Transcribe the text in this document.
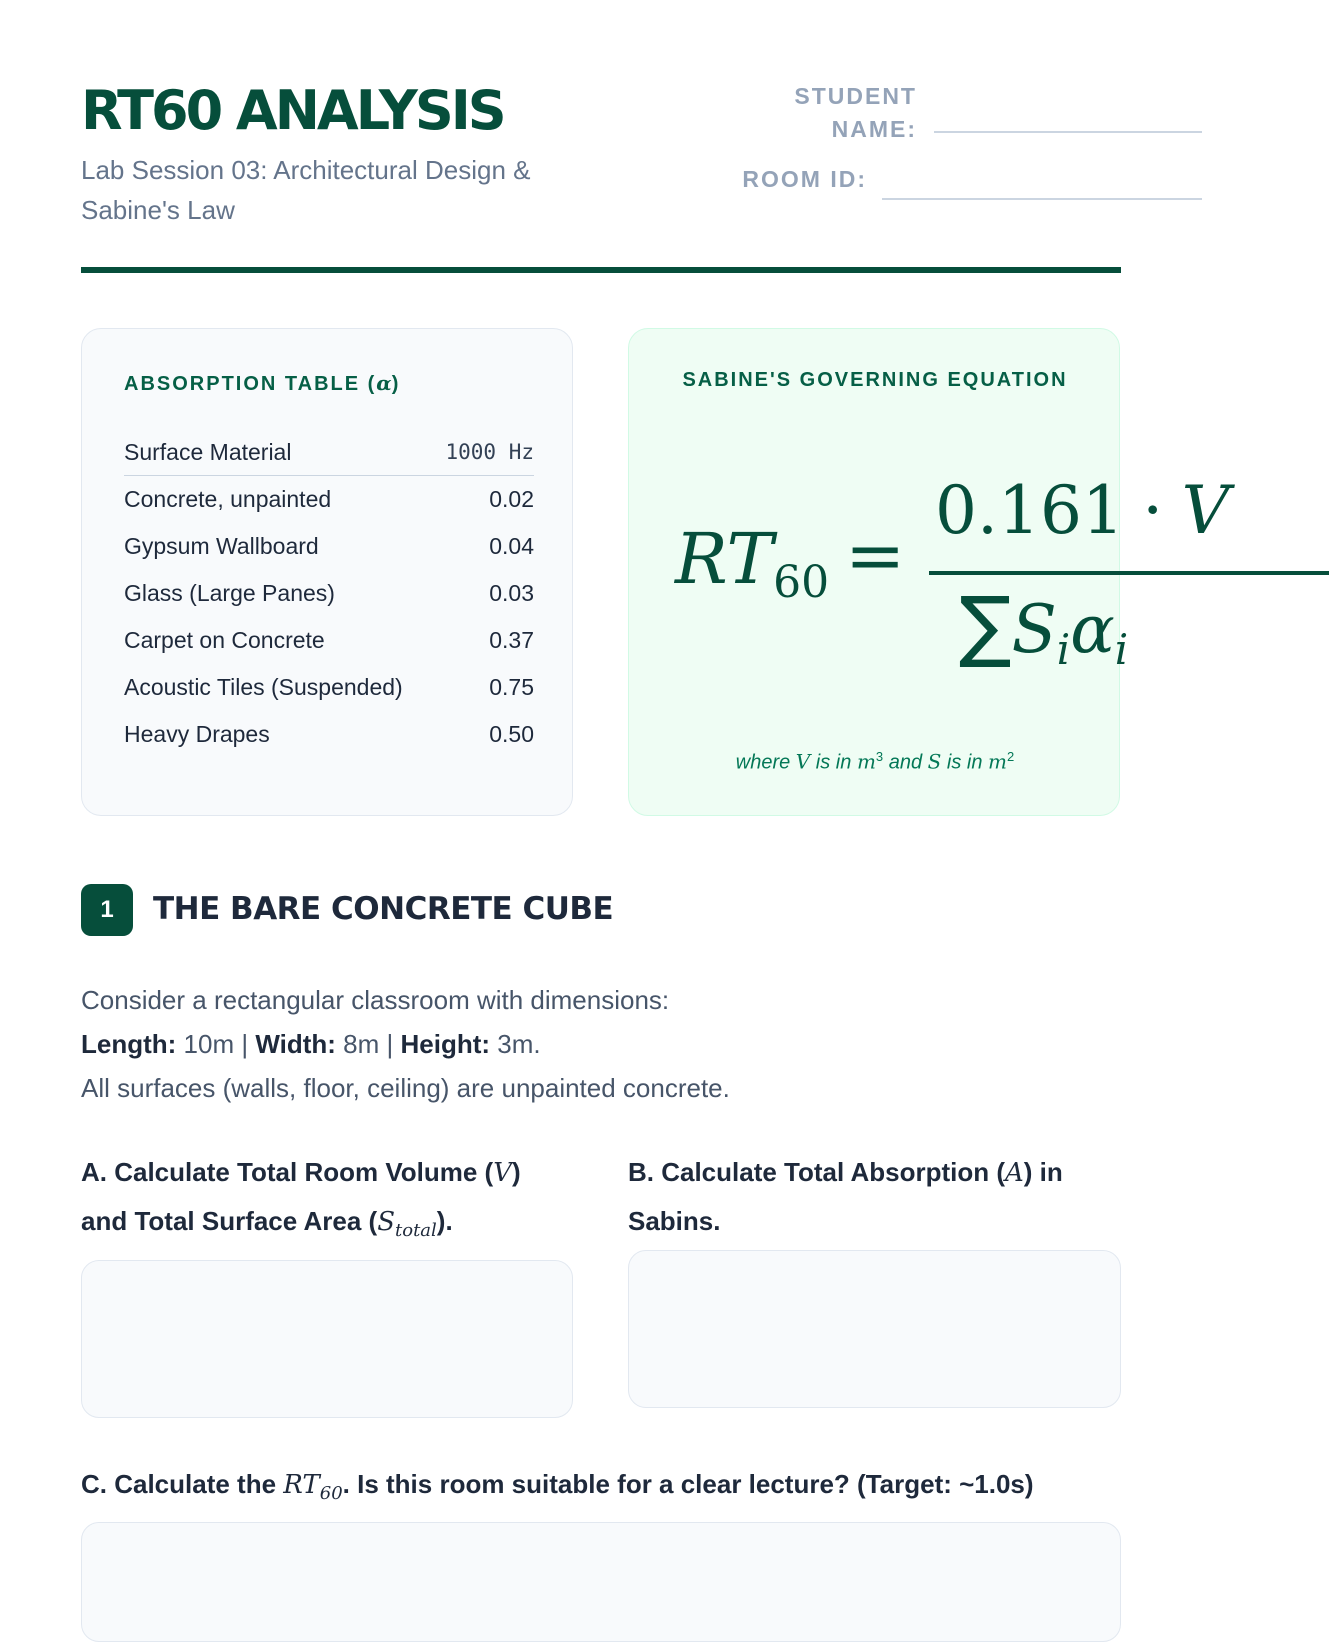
RT60 ANALYSIS
Lab Session 03: Architectural Design & Sabine's Law
STUDENT
NAME:
ROOM ID:
ABSORPTION TABLE (α)
Surface Material	1000 Hz
Concrete, unpainted	0.02
Gypsum Wallboard	0.04
Glass (Large Panes)	0.03
Carpet on Concrete	0.37
Acoustic Tiles (Suspended)	0.75
Heavy Drapes	0.50
SABINE'S GOVERNING EQUATION
$RT_{60}$ =
0.161 · V
$\sum S_i\alpha_i$
where V is in $m^3$ and S is in $m^2$
1	THE BARE CONCRETE CUBE
Consider a rectangular classroom with dimensions:
Length: 10m | Width: 8m | Height: 3m.
All surfaces (walls, floor, ceiling) are unpainted concrete.
A. Calculate Total Room Volume (V) and Total Surface Area $(S_{total})$.
B. Calculate Total Absorption (A) in Sabins.
C. Calculate the $RT_{60}$. Is this room suitable for a clear lecture? (Target: ~1.0s)
